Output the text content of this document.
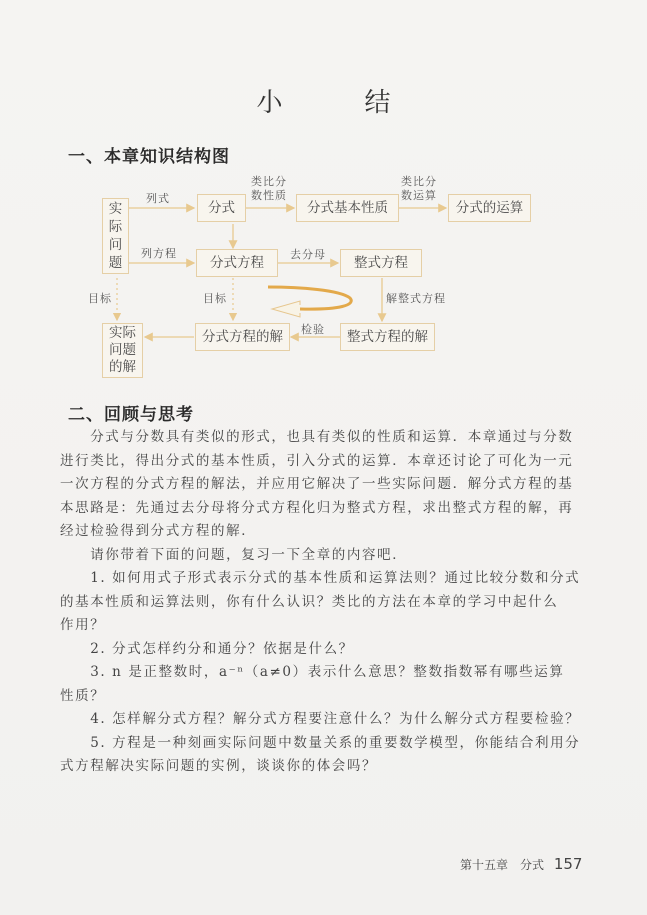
小　结
一、本章知识结构图
实
际
问
题
分式	分式基本性质	分式的运算
分式方程	整式方程
整式方程的解
分式方程的解
实际
问题
的解
列式
列方程
类比分
数性质
类比分
数运算
去分母
解整式方程
检验
目标	目标
二、回顾与思考
　　分式与分数具有类似的形式，也具有类似的性质和运算．本章通过与分数
进行类比，得出分式的基本性质，引入分式的运算．本章还讨论了可化为一元
一次方程的分式方程的解法，并应用它解决了一些实际问题．解分式方程的基
本思路是：先通过去分母将分式方程化归为整式方程，求出整式方程的解，再
经过检验得到分式方程的解．
　　请你带着下面的问题，复习一下全章的内容吧．
　　1. 如何用式子形式表示分式的基本性质和运算法则？通过比较分数和分式
的基本性质和运算法则，你有什么认识？类比的方法在本章的学习中起什么
作用？
　　2. 分式怎样约分和通分？依据是什么？
　　3. n 是正整数时，a⁻ⁿ（a≠0）表示什么意思？整数指数幂有哪些运算
性质？
　　4. 怎样解分式方程？解分式方程要注意什么？为什么解分式方程要检验？
　　5. 方程是一种刻画实际问题中数量关系的重要数学模型，你能结合利用分
式方程解决实际问题的实例，谈谈你的体会吗？
第十五章　分式 157
